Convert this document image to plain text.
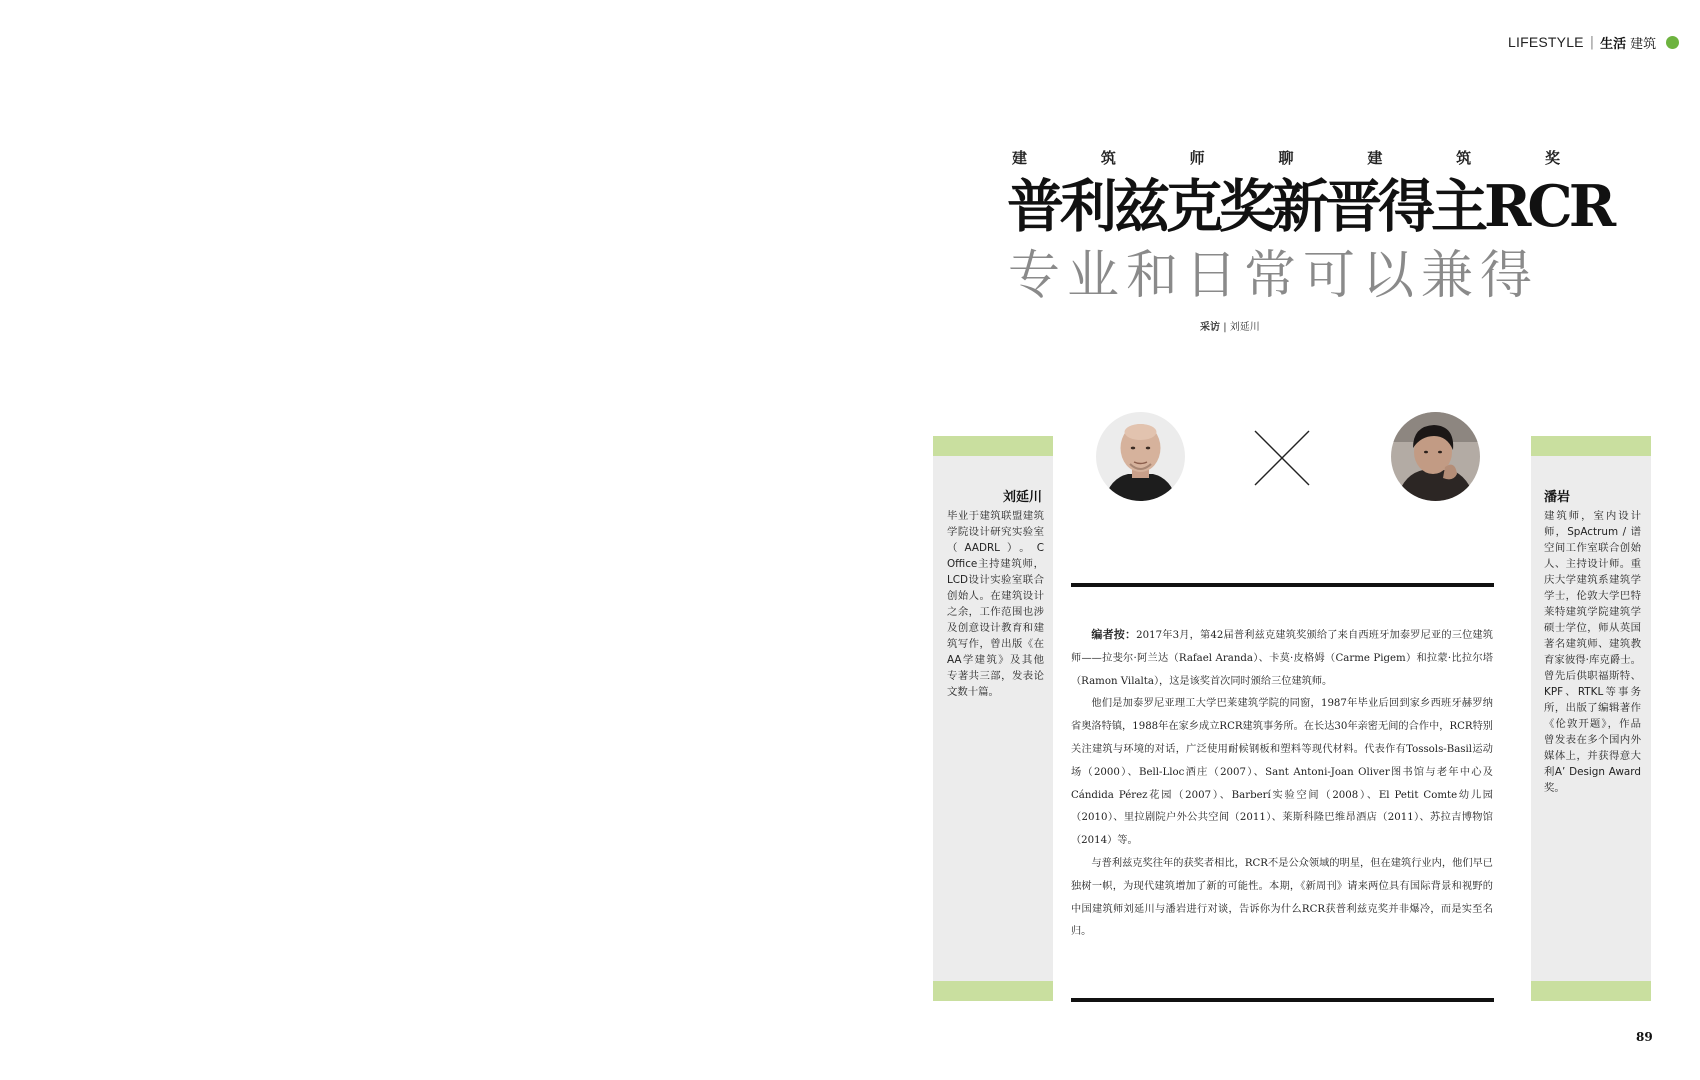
LIFESTYLE | 生活 建筑
建	筑	师	聊	建	筑	奖
普利兹克奖新晋得主RCR
专业和日常可以兼得
采访 | 刘延川
刘延川
毕业于建筑联盟建筑学院设计研究实验室（AADRL）。C Office主持建筑师，LCD设计实验室联合创始人。在建筑设计之余，工作范围也涉及创意设计教育和建筑写作，曾出版《在AA学建筑》及其他专著共三部，发表论文数十篇。
潘岩
建筑师，室内设计师，SpActrum / 谱空间工作室联合创始人、主持设计师。重庆大学建筑系建筑学学士，伦敦大学巴特莱特建筑学院建筑学硕士学位，师从英国著名建筑师、建筑教育家彼得·库克爵士。曾先后供职福斯特、KPF、RTKL等事务所，出版了编辑著作《伦敦开题》，作品曾发表在多个国内外媒体上，并获得意大利A’ Design Award奖。

编者按：2017年3月，第42届普利兹克建筑奖颁给了来自西班牙加泰罗尼亚的三位建筑师——拉斐尔·阿兰达（Rafael Aranda）、卡莫·皮格姆（Carme Pigem）和拉蒙·比拉尔塔（Ramon Vilalta），这是该奖首次同时颁给三位建筑师。

他们是加泰罗尼亚理工大学巴莱建筑学院的同窗，1987年毕业后回到家乡西班牙赫罗纳省奥洛特镇，1988年在家乡成立RCR建筑事务所。在长达30年亲密无间的合作中，RCR特别关注建筑与环境的对话，广泛使用耐候钢板和塑料等现代材料。代表作有Tossols-Basil运动场（2000）、Bell-Lloc酒庄（2007）、Sant Antoni-Joan Oliver图书馆与老年中心及 Cándida Pérez花园（2007）、Barberí实验空间（2008）、El Petit Comte幼儿园（2010）、里拉剧院户外公共空间（2011）、莱斯科隆巴维昂酒店（2011）、苏拉吉博物馆（2014）等。

与普利兹克奖往年的获奖者相比，RCR不是公众领域的明星，但在建筑行业内，他们早已独树一帜，为现代建筑增加了新的可能性。本期，《新周刊》请来两位具有国际背景和视野的中国建筑师刘延川与潘岩进行对谈，告诉你为什么RCR获普利兹克奖并非爆冷，而是实至名归。

89
